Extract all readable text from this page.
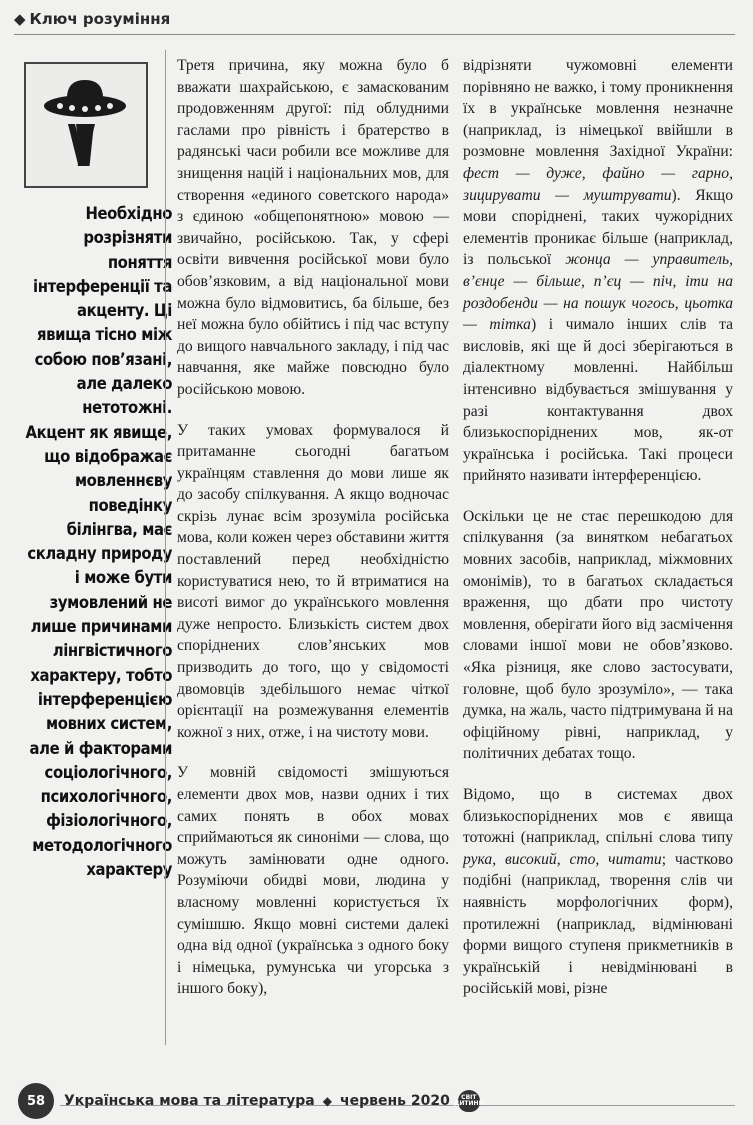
◆ Ключ розуміння
Необхідно розрізняти поняття інтерференції та акценту. Ці явища тісно між собою пов’язані, але далеко нетотожні. Акцент як явище, що відображає мовленнєву поведінку білінгва, має складну природу і може бути зумовлений не лише причинами лінгвістичного характеру, тобто інтерференцією мовних систем, але й факторами соціологічного, психологічного, фізіологічного, методологічного характеру

Третя причина, яку можна було б вважати шахрайською, є замаскованим продовженням другої: під облудними гаслами про рівність і братерство в радянські часи робили все можливе для знищення націй і національних мов, для створення «единого советского народа» з єдиною «общепонятною» мовою — звичайно, російською. Так, у сфері освіти вивчення російської мови було обов’язковим, а від національної мови можна було відмовитись, ба більше, без неї можна було обійтись і під час вступу до вищого навчального закладу, і під час навчання, яке майже повсюдно було російською мовою.

У таких умовах формувалося й притаманне сьогодні багатьом українцям ставлення до мови лише як до засобу спілкування. А якщо водночас скрізь лунає всім зрозуміла російська мова, коли кожен через обставини життя поставлений перед необхідністю користуватися нею, то й втриматися на висоті вимог до українського мовлення дуже непросто. Близькість систем двох споріднених слов’янських мов призводить до того, що у свідомості двомовців здебільшого немає чіткої орієнтації на розмежування елементів кожної з них, отже, і на чистоту мови.

У мовній свідомості змішуються елементи двох мов, назви одних і тих самих понять в обох мовах сприймаються як синоніми — слова, що можуть замінювати одне одного. Розуміючи обидві мови, людина у власному мовленні користується їх сумішшю. Якщо мовні системи далекі одна від одної (українська з одного боку і німецька, румунська чи угорська з іншого боку),

відрізняти чужомовні елементи порівняно не важко, і тому проникнення їх в українське мовлення незначне (наприклад, із німецької ввійшли в розмовне мовлення Західної України: фест — дуже, файно — гарно, зицирувати — муштрувати). Якщо мови споріднені, таких чужорідних елементів проникає більше (наприклад, із польської жонца — управитель, в’єнце — більше, п’єц — піч, іти на роздобенди — на пошук чогось, цьотка — тітка) і чимало інших слів та висловів, які ще й досі зберігаються в діалектному мовленні. Найбільш інтенсивно відбувається змішування у разі контактування двох близькоспоріднених мов, як-от українська і російська. Такі процеси прийнято називати інтерференцією.

Оскільки це не стає перешкодою для спілкування (за винятком небагатьох мовних засобів, наприклад, міжмовних омонімів), то в багатьох складається враження, що дбати про чистоту мовлення, оберігати його від засмічення словами іншої мови не обов’язково. «Яка різниця, яке слово застосувати, головне, щоб було зрозуміло», — така думка, на жаль, часто підтримувана й на офіційному рівні, наприклад, у політичних дебатах тощо.

Відомо, що в системах двох близькоспоріднених мов є явища тотожні (наприклад, спільні слова типу рука, високий, сто, читати; частково подібні (наприклад, творення слів чи наявність морфологічних форм), протилежні (наприклад, відмінювані форми вищого ступеня прикметників в українській і невідмінювані в російській мові, різне

58	Українська мова та література ◆ червень 2020	СВІТ ДИТИНИ
